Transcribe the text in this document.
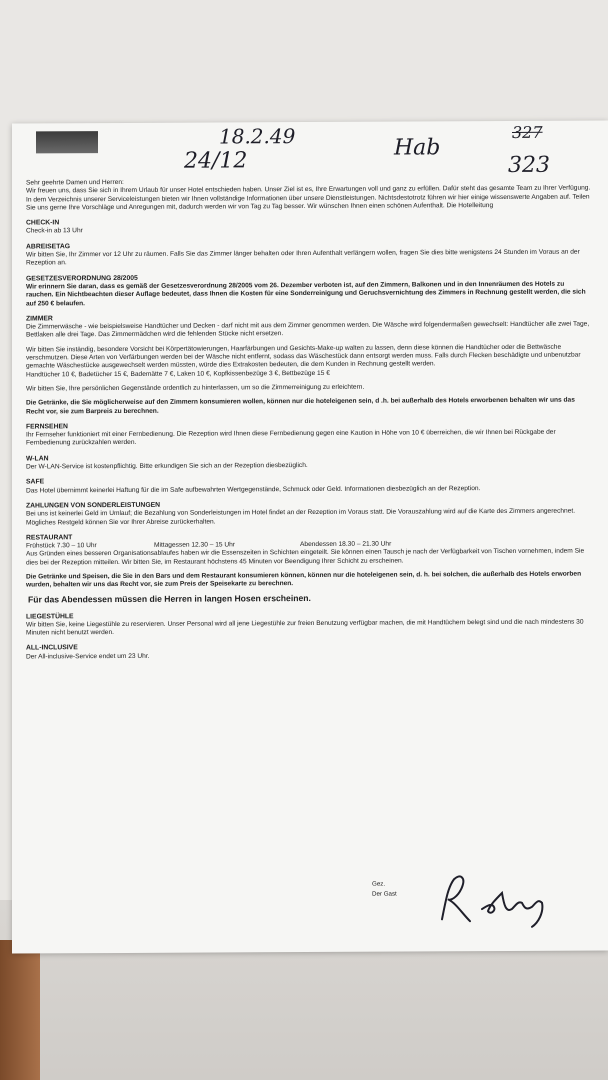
18.2.49	Hab
327
24/12	323

Sehr geehrte Damen und Herren:

Wir freuen uns, dass Sie sich in Ihrem Urlaub für unser Hotel entschieden haben. Unser Ziel ist es, Ihre Erwartungen voll und ganz zu erfüllen. Dafür steht das gesamte Team zu Ihrer Verfügung. In dem Verzeichnis unserer Serviceleistungen bieten wir Ihnen vollständige Informationen über unsere Dienstleistungen. Nichtsdestotrotz führen wir hier einige wissenswerte Angaben auf. Teilen Sie uns gerne Ihre Vorschläge und Anregungen mit, dadurch werden wir von Tag zu Tag besser. Wir wünschen Ihnen einen schönen Aufenthalt. Die Hotelleitung

CHECK-IN

Check-in ab 13 Uhr

ABREISETAG

Wir bitten Sie, Ihr Zimmer vor 12 Uhr zu räumen. Falls Sie das Zimmer länger behalten oder Ihren Aufenthalt verlängern wollen, fragen Sie dies bitte wenigstens 24 Stunden im Voraus an der Rezeption an.

GESETZESVERORDNUNG 28/2005

Wir erinnern Sie daran, dass es gemäß der Gesetzesverordnung 28/2005 vom 26. Dezember verboten ist, auf den Zimmern, Balkonen und in den Innenräumen des Hotels zu rauchen. Ein Nichtbeachten dieser Auflage bedeutet, dass Ihnen die Kosten für eine Sonderreinigung und Geruchsvernichtung des Zimmers in Rechnung gestellt werden, die sich auf 250 € belaufen.

ZIMMER

Die Zimmerwäsche - wie beispielsweise Handtücher und Decken - darf nicht mit aus dem Zimmer genommen werden. Die Wäsche wird folgendermaßen gewechselt: Handtücher alle zwei Tage, Bettlaken alle drei Tage. Das Zimmermädchen wird die fehlenden Stücke nicht ersetzen.

Wir bitten Sie inständig, besondere Vorsicht bei Körpertätowierungen, Haarfärbungen und Gesichts-Make-up walten zu lassen, denn diese können die Handtücher oder die Bettwäsche verschmutzen. Diese Arten von Verfärbungen werden bei der Wäsche nicht entfernt, sodass das Wäschestück dann entsorgt werden muss. Falls durch Flecken beschädigte und unbenutzbar gemachte Wäschestücke ausgewechselt werden müssten, würde dies Extrakosten bedeuten, die dem Kunden in Rechnung gestellt werden.

Handtücher 10 €, Badetücher 15 €, Bademätte 7 €, Laken 10 €, Kopfkissenbezüge 3 €, Bettbezüge 15 €

Wir bitten Sie, Ihre persönlichen Gegenstände ordentlich zu hinterlassen, um so die Zimmerreinigung zu erleichtern.

Die Getränke, die Sie möglicherweise auf den Zimmern konsumieren wollen, können nur die hoteleigenen sein, d .h. bei außerhalb des Hotels erworbenen behalten wir uns das Recht vor, sie zum Barpreis zu berechnen.

FERNSEHEN

Ihr Fernseher funktioniert mit einer Fernbedienung. Die Rezeption wird Ihnen diese Fernbedienung gegen eine Kaution in Höhe von 10 € überreichen, die wir Ihnen bei Rückgabe der Fernbedienung zurückzahlen werden.

W-LAN

Der W-LAN-Service ist kostenpflichtig. Bitte erkundigen Sie sich an der Rezeption diesbezüglich.

SAFE

Das Hotel übernimmt keinerlei Haftung für die im Safe aufbewahrten Wertgegenstände, Schmuck oder Geld. Informationen diesbezüglich an der Rezeption.

ZAHLUNGEN VON SONDERLEISTUNGEN

Bei uns ist keinerlei Geld im Umlauf; die Bezahlung von Sonderleistungen im Hotel findet an der Rezeption im Voraus statt. Die Vorauszahlung wird auf die Karte des Zimmers angerechnet. Mögliches Restgeld können Sie vor Ihrer Abreise zurückerhalten.

RESTAURANT

Frühstück 7.30 – 10 Uhr	Mittagessen 12.30 – 15 Uhr	Abendessen 18.30 – 21.30 Uhr

Aus Gründen eines besseren Organisationsablaufes haben wir die Essenszeiten in Schichten eingeteilt. Sie können einen Tausch je nach der Verfügbarkeit von Tischen vornehmen, indem Sie dies bei der Rezeption mitteilen. Wir bitten Sie, im Restaurant höchstens 45 Minuten vor Beendigung Ihrer Schicht zu erscheinen.

Die Getränke und Speisen, die Sie in den Bars und dem Restaurant konsumieren können, können nur die hoteleigenen sein, d. h. bei solchen, die außerhalb des Hotels erworben wurden, behalten wir uns das Recht vor, sie zum Preis der Speisekarte zu berechnen.

Für das Abendessen müssen die Herren in langen Hosen erscheinen.

LIEGESTÜHLE

Wir bitten Sie, keine Liegestühle zu reservieren. Unser Personal wird all jene Liegestühle zur freien Benutzung verfügbar machen, die mit Handtüchern belegt sind und die nach mindestens 30 Minuten nicht benutzt werden.

ALL-INCLUSIVE

Der All-inclusive-Service endet um 23 Uhr.

Gez.
Der Gast
